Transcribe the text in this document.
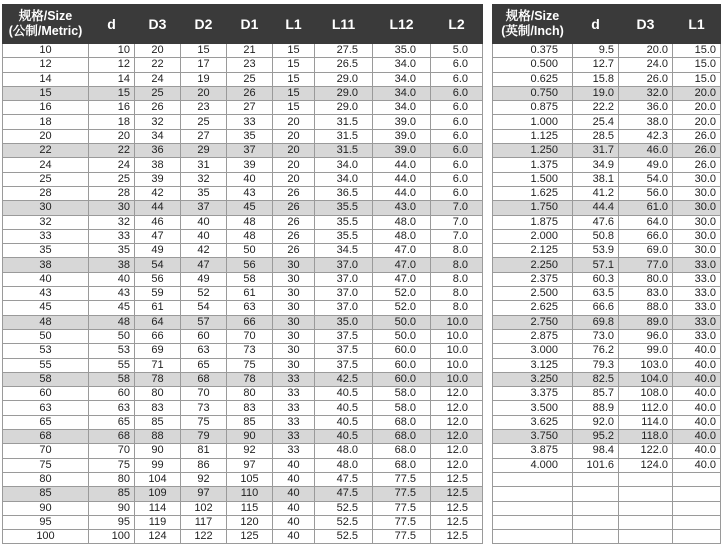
规格/Size
(公制/Metric)	d	D3	D2	D1	L1	L11	L12	L2
10	10	20	15	21	15	27.5	35.0	5.0
12	12	22	17	23	15	26.5	34.0	6.0
14	14	24	19	25	15	29.0	34.0	6.0
15	15	25	20	26	15	29.0	34.0	6.0
16	16	26	23	27	15	29.0	34.0	6.0
18	18	32	25	33	20	31.5	39.0	6.0
20	20	34	27	35	20	31.5	39.0	6.0
22	22	36	29	37	20	31.5	39.0	6.0
24	24	38	31	39	20	34.0	44.0	6.0
25	25	39	32	40	20	34.0	44.0	6.0
28	28	42	35	43	26	36.5	44.0	6.0
30	30	44	37	45	26	35.5	43.0	7.0
32	32	46	40	48	26	35.5	48.0	7.0
33	33	47	40	48	26	35.5	48.0	7.0
35	35	49	42	50	26	34.5	47.0	8.0
38	38	54	47	56	30	37.0	47.0	8.0
40	40	56	49	58	30	37.0	47.0	8.0
43	43	59	52	61	30	37.0	52.0	8.0
45	45	61	54	63	30	37.0	52.0	8.0
48	48	64	57	66	30	35.0	50.0	10.0
50	50	66	60	70	30	37.5	50.0	10.0
53	53	69	63	73	30	37.5	60.0	10.0
55	55	71	65	75	30	37.5	60.0	10.0
58	58	78	68	78	33	42.5	60.0	10.0
60	60	80	70	80	33	40.5	58.0	12.0
63	63	83	73	83	33	40.5	58.0	12.0
65	65	85	75	85	33	40.5	68.0	12.0
68	68	88	79	90	33	40.5	68.0	12.0
70	70	90	81	92	33	48.0	68.0	12.0
75	75	99	86	97	40	48.0	68.0	12.0
80	80	104	92	105	40	47.5	77.5	12.5
85	85	109	97	110	40	47.5	77.5	12.5
90	90	114	102	115	40	52.5	77.5	12.5
95	95	119	117	120	40	52.5	77.5	12.5
100	100	124	122	125	40	52.5	77.5	12.5
规格/Size
(英制/Inch)	d	D3	L1
0.375	9.5	20.0	15.0
0.500	12.7	24.0	15.0
0.625	15.8	26.0	15.0
0.750	19.0	32.0	20.0
0.875	22.2	36.0	20.0
1.000	25.4	38.0	20.0
1.125	28.5	42.3	26.0
1.250	31.7	46.0	26.0
1.375	34.9	49.0	26.0
1.500	38.1	54.0	30.0
1.625	41.2	56.0	30.0
1.750	44.4	61.0	30.0
1.875	47.6	64.0	30.0
2.000	50.8	66.0	30.0
2.125	53.9	69.0	30.0
2.250	57.1	77.0	33.0
2.375	60.3	80.0	33.0
2.500	63.5	83.0	33.0
2.625	66.6	88.0	33.0
2.750	69.8	89.0	33.0
2.875	73.0	96.0	33.0
3.000	76.2	99.0	40.0
3.125	79.3	103.0	40.0
3.250	82.5	104.0	40.0
3.375	85.7	108.0	40.0
3.500	88.9	112.0	40.0
3.625	92.0	114.0	40.0
3.750	95.2	118.0	40.0
3.875	98.4	122.0	40.0
4.000	101.6	124.0	40.0
